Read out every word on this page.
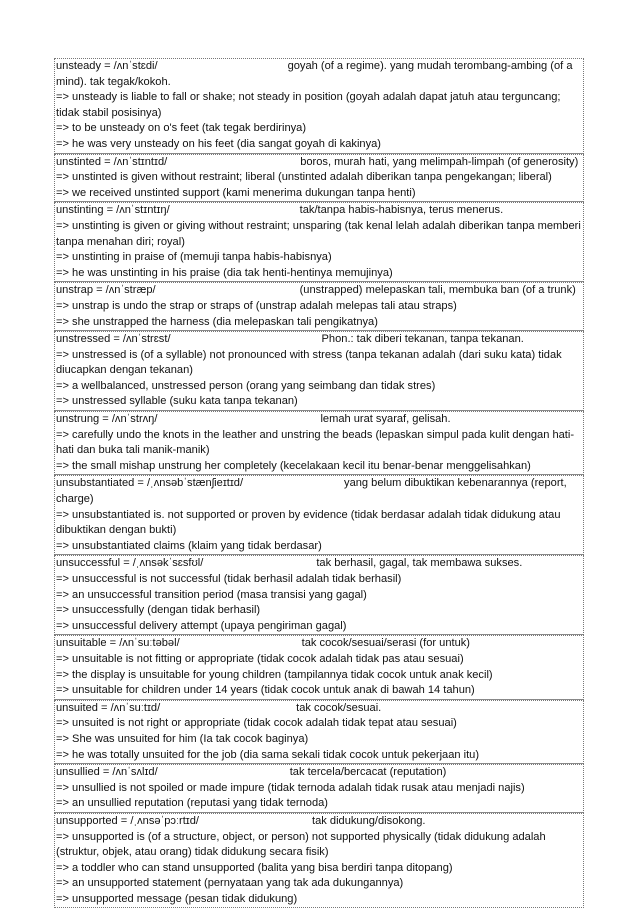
unsteady = /ʌnˈstɛdi/	goyah (of a regime). yang mudah terombang-ambing (of a mind). tak tegak/kokoh.

=> unsteady is liable to fall or shake; not steady in position (goyah adalah dapat jatuh atau terguncang; tidak stabil posisinya)

=> to be unsteady on o's feet (tak tegak berdirinya)

=> he was very unsteady on his feet (dia sangat goyah di kakinya)

unstinted = /ʌnˈstɪntɪd/	boros, murah hati, yang melimpah-limpah (of generosity)

=> unstinted is given without restraint; liberal (unstinted adalah diberikan tanpa pengekangan; liberal)

=> we received unstinted support (kami menerima dukungan tanpa henti)

unstinting = /ʌnˈstɪntɪŋ/	tak/tanpa habis-habisnya, terus menerus.

=> unstinting is given or giving without restraint; unsparing (tak kenal lelah adalah diberikan tanpa memberi tanpa menahan diri; royal)

=> unstinting in praise of (memuji tanpa habis-habisnya)

=> he was unstinting in his praise (dia tak henti-hentinya memujinya)

unstrap = /ʌnˈstræp/	(unstrapped) melepaskan tali, membuka ban (of a trunk)

=> unstrap is undo the strap or straps of (unstrap adalah melepas tali atau straps)

=> she unstrapped the harness (dia melepaskan tali pengikatnya)

unstressed = /ʌnˈstrɛst/	Phon.: tak diberi tekanan, tanpa tekanan.

=> unstressed is (of a syllable) not pronounced with stress (tanpa tekanan adalah (dari suku kata) tidak diucapkan dengan tekanan)

=> a wellbalanced, unstressed person (orang yang seimbang dan tidak stres)

=> unstressed syllable (suku kata tanpa tekanan)

unstrung = /ʌnˈstrʌŋ/	lemah urat syaraf, gelisah.

=> carefully undo the knots in the leather and unstring the beads (lepaskan simpul pada kulit dengan hati-hati dan buka tali manik-manik)

=> the small mishap unstrung her completely (kecelakaan kecil itu benar-benar menggelisahkan)

unsubstantiated = /ˌʌnsəbˈstænʃieɪtɪd/	yang belum dibuktikan kebenarannya (report, charge)

=> unsubstantiated is. not supported or proven by evidence (tidak berdasar adalah tidak didukung atau dibuktikan dengan bukti)

=> unsubstantiated claims (klaim yang tidak berdasar)

unsuccessful = /ˌʌnsəkˈsɛsfʊl/	tak berhasil, gagal, tak membawa sukses.

=> unsuccessful is not successful (tidak berhasil adalah tidak berhasil)

=> an unsuccessful transition period (masa transisi yang gagal)

=> unsuccessfully (dengan tidak berhasil)

=> unsuccessful delivery attempt (upaya pengiriman gagal)

unsuitable = /ʌnˈsuːtəbəl/	tak cocok/sesuai/serasi (for untuk)

=> unsuitable is not fitting or appropriate (tidak cocok adalah tidak pas atau sesuai)

=> the display is unsuitable for young children (tampilannya tidak cocok untuk anak kecil)

=> unsuitable for children under 14 years (tidak cocok untuk anak di bawah 14 tahun)

unsuited = /ʌnˈsuːtɪd/	tak cocok/sesuai.

=> unsuited is not right or appropriate (tidak cocok adalah tidak tepat atau sesuai)

=> She was unsuited for him (Ia tak cocok baginya)

=> he was totally unsuited for the job (dia sama sekali tidak cocok untuk pekerjaan itu)

unsullied = /ʌnˈsʌlɪd/	tak tercela/bercacat (reputation)

=> unsullied is not spoiled or made impure (tidak ternoda adalah tidak rusak atau menjadi najis)

=> an unsullied reputation (reputasi yang tidak ternoda)

unsupported = /ˌʌnsəˈpɔːrtɪd/	tak didukung/disokong.

=> unsupported is (of a structure, object, or person) not supported physically (tidak didukung adalah (struktur, objek, atau orang) tidak didukung secara fisik)

=> a toddler who can stand unsupported (balita yang bisa berdiri tanpa ditopang)

=> an unsupported statement (pernyataan yang tak ada dukungannya)

=> unsupported message (pesan tidak didukung)
